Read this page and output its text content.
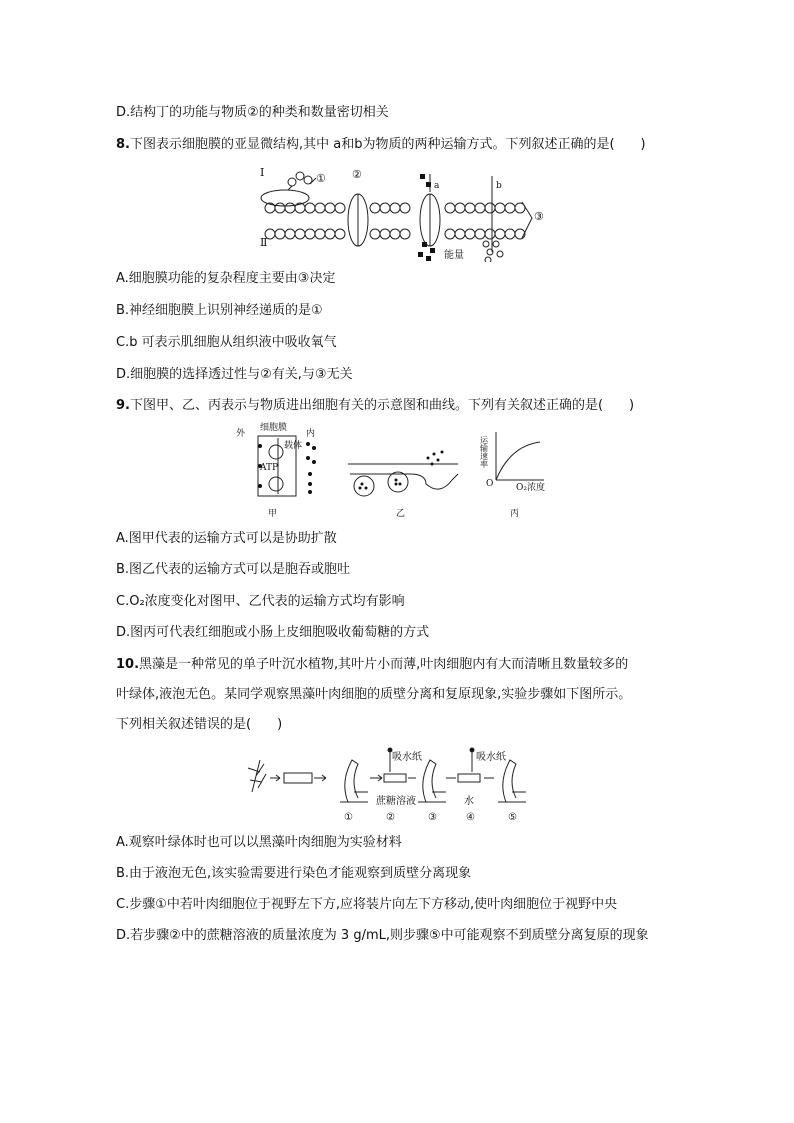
D.结构丁的功能与物质②的种类和数量密切相关
8.下图表示细胞膜的亚显微结构,其中 a和b为物质的两种运输方式。下列叙述正确的是(　　)
I	① ②
a	b
③
Ⅱ
能量
A.细胞膜功能的复杂程度主要由③决定
B.神经细胞膜上识别神经递质的是①
C.b 可表示肌细胞从组织液中吸收氧气
D.细胞膜的选择透过性与②有关,与③无关
9.下图甲、乙、丙表示与物质进出细胞有关的示意图和曲线。下列有关叙述正确的是(　　)
外
细胞膜
内
载体
ATP	运输速率
O	O₂浓度
甲	乙	丙
A.图甲代表的运输方式可以是协助扩散
B.图乙代表的运输方式可以是胞吞或胞吐
C.O₂浓度变化对图甲、乙代表的运输方式均有影响
D.图丙可代表红细胞或小肠上皮细胞吸收葡萄糖的方式
10.黑藻是一种常见的单子叶沉水植物,其叶片小而薄,叶肉细胞内有大而清晰且数量较多的
叶绿体,液泡无色。某同学观察黑藻叶肉细胞的质壁分离和复原现象,实验步骤如下图所示。
下列相关叙述错误的是(　　)
吸水纸	吸水纸
蔗糖溶液	水
①	②	③	④	⑤
A.观察叶绿体时也可以以黑藻叶肉细胞为实验材料
B.由于液泡无色,该实验需要进行染色才能观察到质壁分离现象
C.步骤①中若叶肉细胞位于视野左下方,应将装片向左下方移动,使叶肉细胞位于视野中央
D.若步骤②中的蔗糖溶液的质量浓度为 3 g/mL,则步骤⑤中可能观察不到质壁分离复原的现象
